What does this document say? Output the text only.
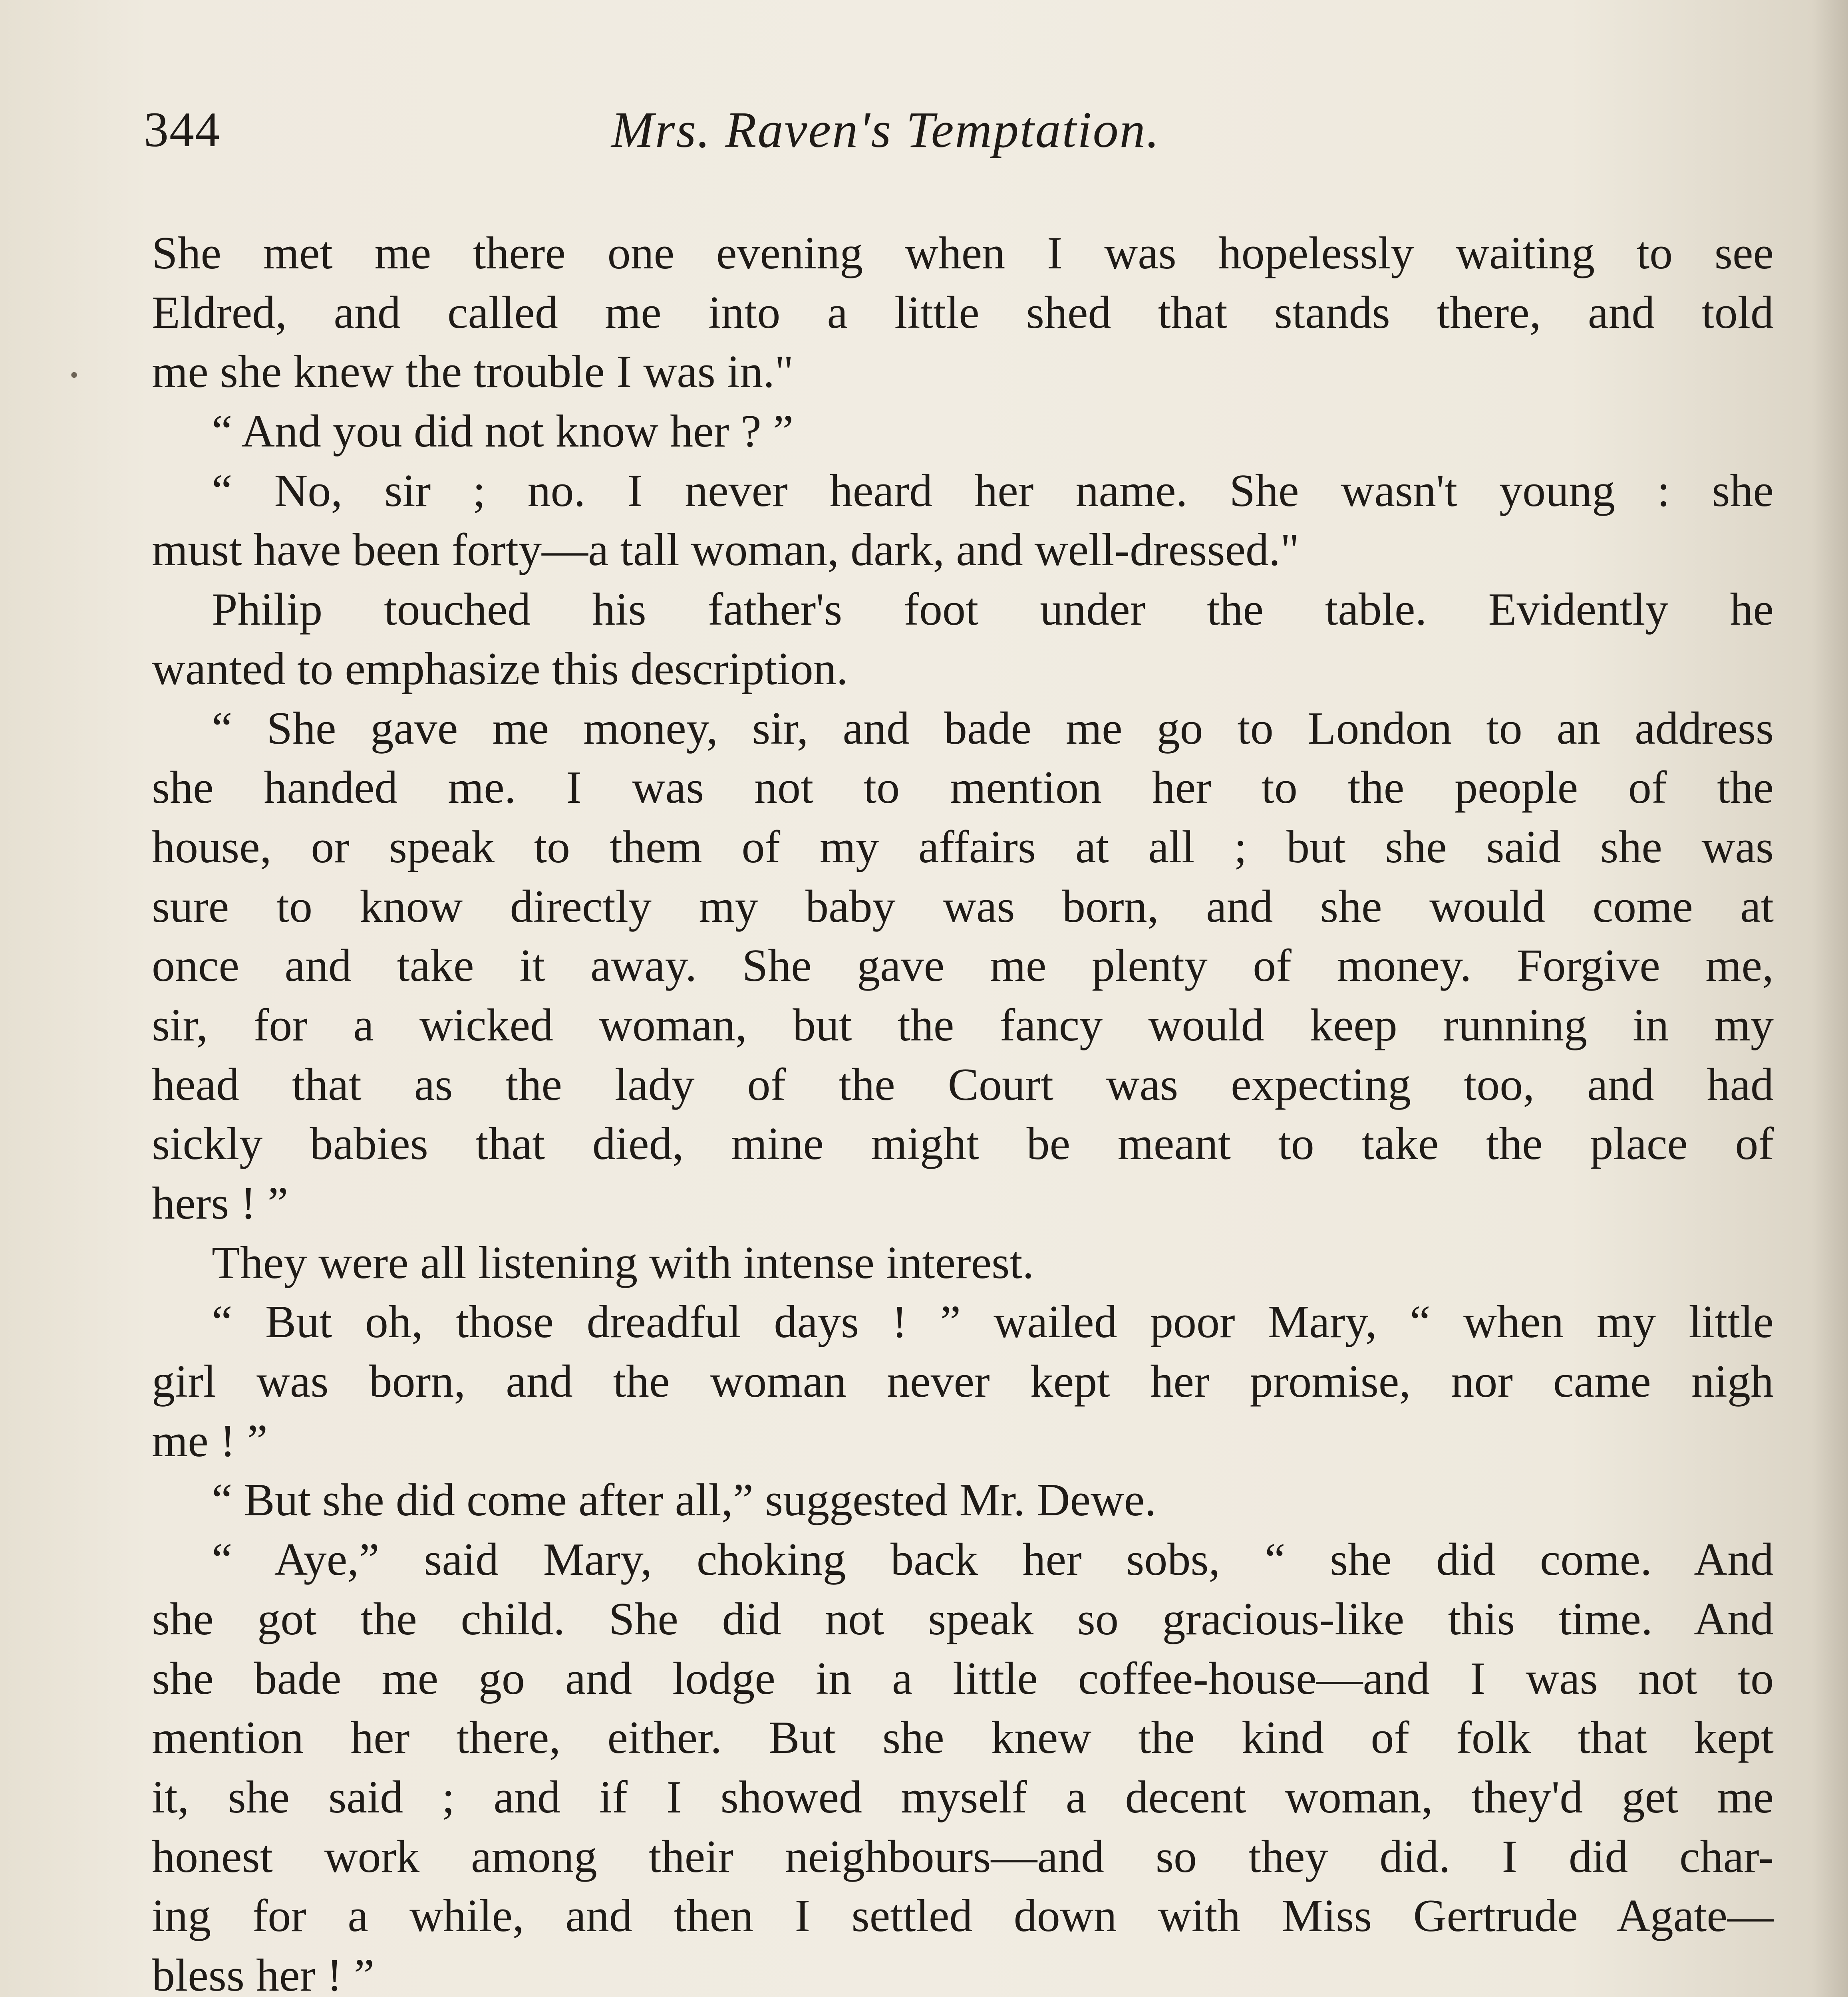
344	Mrs. Raven's Temptation.
She met me there one evening when I was hopelessly waiting to see
Eldred, and called me into a little shed that stands there, and told
me she knew the trouble I was in."
“ And you did not know her ? ”
“ No, sir ; no. I never heard her name. She wasn't young : she
must have been forty—a tall woman, dark, and well-dressed."
Philip touched his father's foot under the table. Evidently he
wanted to emphasize this description.
“ She gave me money, sir, and bade me go to London to an address
she handed me. I was not to mention her to the people of the
house, or speak to them of my affairs at all ; but she said she was
sure to know directly my baby was born, and she would come at
once and take it away. She gave me plenty of money. Forgive me,
sir, for a wicked woman, but the fancy would keep running in my
head that as the lady of the Court was expecting too, and had
sickly babies that died, mine might be meant to take the place of
hers ! ”
They were all listening with intense interest.
“ But oh, those dreadful days ! ” wailed poor Mary, “ when my little
girl was born, and the woman never kept her promise, nor came nigh
me ! ”
“ But she did come after all,” suggested Mr. Dewe.
“ Aye,” said Mary, choking back her sobs, “ she did come. And
she got the child. She did not speak so gracious-like this time. And
she bade me go and lodge in a little coffee-house—and I was not to
mention her there, either. But she knew the kind of folk that kept
it, she said ; and if I showed myself a decent woman, they'd get me
honest work among their neighbours—and so they did. I did char-
ing for a while, and then I settled down with Miss Gertrude Agate—
bless her ! ”
•
